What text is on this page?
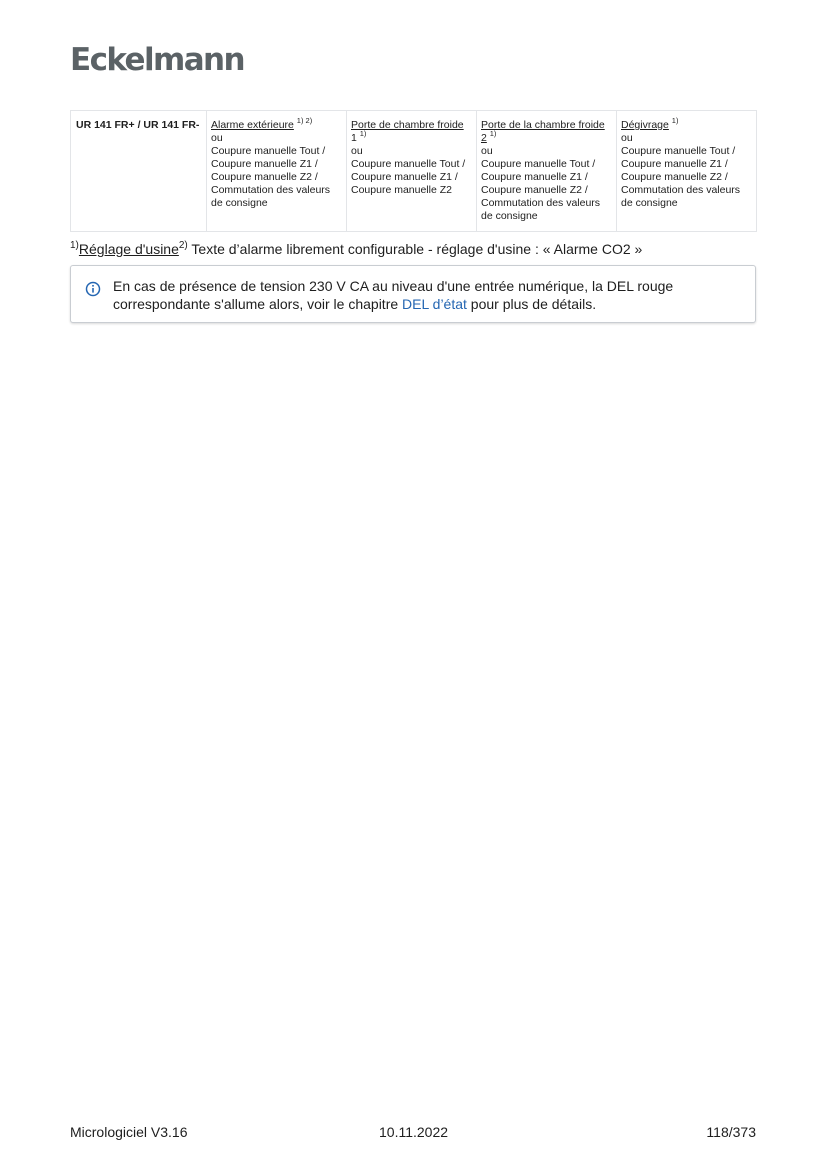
Eckelmann
UR 141 FR+ / UR 141 FR-	Alarme extérieure $^{1) 2)}$
ou
Coupure manuelle Tout /
Coupure manuelle Z1 /
Coupure manuelle Z2 /
Commutation des valeurs
de consigne	Porte de chambre froide
1 $^{1)}$
ou
Coupure manuelle Tout /
Coupure manuelle Z1 /
Coupure manuelle Z2	Porte de la chambre froide
2 $^{1)}$
ou
Coupure manuelle Tout /
Coupure manuelle Z1 /
Coupure manuelle Z2 /
Commutation des valeurs
de consigne	Dégivrage $^{1)}$
ou
Coupure manuelle Tout /
Coupure manuelle Z1 /
Coupure manuelle Z2 /
Commutation des valeurs
de consigne
$^{1)}$Réglage d'usine$^{2)}$ Texte d’alarme librement configurable - réglage d'usine : « Alarme CO2 »
En cas de présence de tension 230 V CA au niveau d'une entrée numérique, la DEL rouge correspondante s'allume alors, voir le chapitre DEL d’état pour plus de détails.
Micrologiciel V3.16	10.11.2022	118/373
